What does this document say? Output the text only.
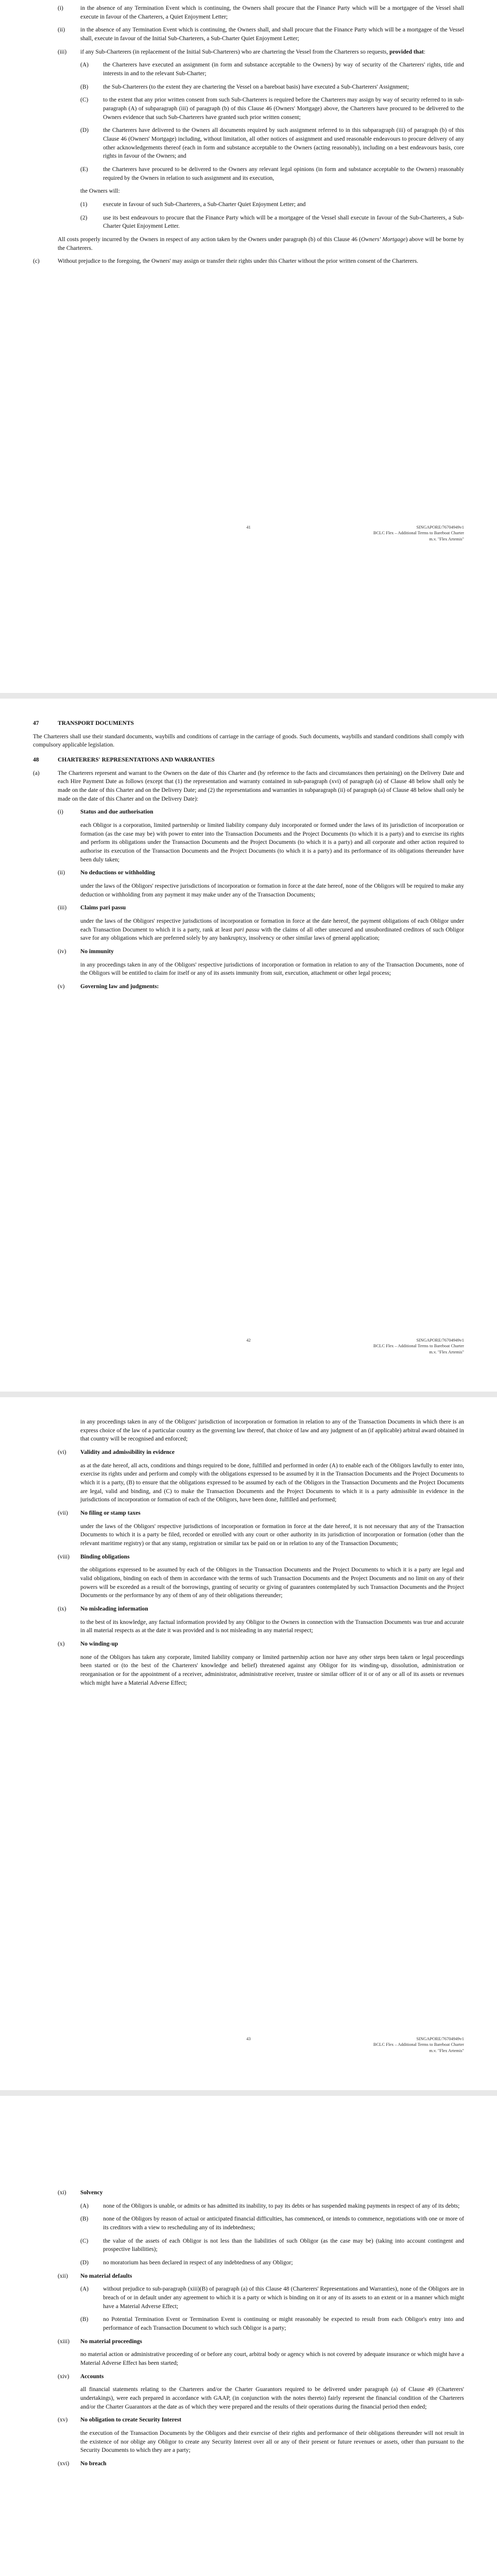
(i)	in the absence of any Termination Event which is continuing, the Owners shall procure that the Finance Party which will be a mortgagee of the Vessel shall execute in favour of the Charterers, a Quiet Enjoyment Letter;
(ii)	in the absence of any Termination Event which is continuing, the Owners shall, and shall procure that the Finance Party which will be a mortgagee of the Vessel shall, execute in favour of the Initial Sub-Charterers, a Sub-Charter Quiet Enjoyment Letter;
(iii)	if any Sub-Charterers (in replacement of the Initial Sub-Charterers) who are chartering the Vessel from the Charterers so requests, provided that:
(A)	the Charterers have executed an assignment (in form and substance acceptable to the Owners) by way of security of the Charterers' rights, title and interests in and to the relevant Sub-Charter;
(B)	the Sub-Charterers (to the extent they are chartering the Vessel on a bareboat basis) have executed a Sub-Charterers' Assignment;
(C)	to the extent that any prior written consent from such Sub-Charterers is required before the Charterers may assign by way of security referred to in sub-paragraph (A) of subparagraph (iii) of paragraph (b) of this Clause 46 (Owners' Mortgage) above, the Charterers have procured to be delivered to the Owners evidence that such Sub-Charterers have granted such prior written consent;
(D)	the Charterers have delivered to the Owners all documents required by such assignment referred to in this subparagraph (iii) of paragraph (b) of this Clause 46 (Owners' Mortgage) including, without limitation, all other notices of assignment and used reasonable endeavours to procure delivery of any other acknowledgements thereof (each in form and substance acceptable to the Owners (acting reasonably), including on a best endeavours basis, core rights in favour of the Owners; and
(E)	the Charterers have procured to be delivered to the Owners any relevant legal opinions (in form and substance acceptable to the Owners) reasonably required by the Owners in relation to such assignment and its execution,

the Owners will:

(1)	execute in favour of such Sub-Charterers, a Sub-Charter Quiet Enjoyment Letter; and
(2)	use its best endeavours to procure that the Finance Party which will be a mortgagee of the Vessel shall execute in favour of the Sub-Charterers, a Sub-Charter Quiet Enjoyment Letter.

All costs properly incurred by the Owners in respect of any action taken by the Owners under paragraph (b) of this Clause 46 (Owners' Mortgage) above will be borne by the Charterers.

(c)	Without prejudice to the foregoing, the Owners' may assign or transfer their rights under this Charter without the prior written consent of the Charterers.
41	SINGAPORE/76704949v1
BCLC Flex – Additional Terms to Bareboat Charter
m.v. "Flex Artemis"
47	TRANSPORT DOCUMENTS

The Charterers shall use their standard documents, waybills and conditions of carriage in the carriage of goods. Such documents, waybills and standard conditions shall comply with compulsory applicable legislation.

48	CHARTERERS' REPRESENTATIONS AND WARRANTIES
(a)	The Charterers represent and warrant to the Owners on the date of this Charter and (by reference to the facts and circumstances then pertaining) on the Delivery Date and each Hire Payment Date as follows (except that (1) the representation and warranty contained in sub-paragraph (xvi) of paragraph (a) of Clause 48 below shall only be made on the date of this Charter and on the Delivery Date; and (2) the representations and warranties in subparagraph (ii) of paragraph (a) of Clause 48 below shall only be made on the date of this Charter and on the Delivery Date):
(i)	Status and due authorisation

each Obligor is a corporation, limited partnership or limited liability company duly incorporated or formed under the laws of its jurisdiction of incorporation or formation (as the case may be) with power to enter into the Transaction Documents and the Project Documents (to which it is a party) and to exercise its rights and perform its obligations under the Transaction Documents and the Project Documents (to which it is a party) and all corporate and other action required to authorise its execution of the Transaction Documents and the Project Documents (to which it is a party) and its performance of its obligations thereunder have been duly taken;

(ii)	No deductions or withholding

under the laws of the Obligors' respective jurisdictions of incorporation or formation in force at the date hereof, none of the Obligors will be required to make any deduction or withholding from any payment it may make under any of the Transaction Documents;

(iii)	Claims pari passu

under the laws of the Obligors' respective jurisdictions of incorporation or formation in force at the date hereof, the payment obligations of each Obligor under each Transaction Document to which it is a party, rank at least pari passu with the claims of all other unsecured and unsubordinated creditors of such Obligor save for any obligations which are preferred solely by any bankruptcy, insolvency or other similar laws of general application;

(iv)	No immunity

in any proceedings taken in any of the Obligors' respective jurisdictions of incorporation or formation in relation to any of the Transaction Documents, none of the Obligors will be entitled to claim for itself or any of its assets immunity from suit, execution, attachment or other legal process;

(v)	Governing law and judgments:
42	SINGAPORE/76704949v1
BCLC Flex – Additional Terms to Bareboat Charter
m.v. "Flex Artemis"

in any proceedings taken in any of the Obligors' jurisdiction of incorporation or formation in relation to any of the Transaction Documents in which there is an express choice of the law of a particular country as the governing law thereof, that choice of law and any judgment of an (if applicable) arbitral award obtained in that country will be recognised and enforced;

(vi)	Validity and admissibility in evidence

as at the date hereof, all acts, conditions and things required to be done, fulfilled and performed in order (A) to enable each of the Obligors lawfully to enter into, exercise its rights under and perform and comply with the obligations expressed to be assumed by it in the Transaction Documents and the Project Documents to which it is a party, (B) to ensure that the obligations expressed to be assumed by each of the Obligors in the Transaction Documents and the Project Documents are legal, valid and binding, and (C) to make the Transaction Documents and the Project Documents to which it is a party admissible in evidence in the jurisdictions of incorporation or formation of each of the Obligors, have been done, fulfilled and performed;

(vii)	No filing or stamp taxes

under the laws of the Obligors' respective jurisdictions of incorporation or formation in force at the date hereof, it is not necessary that any of the Transaction Documents to which it is a party be filed, recorded or enrolled with any court or other authority in its jurisdiction of incorporation or formation (other than the relevant maritime registry) or that any stamp, registration or similar tax be paid on or in relation to any of the Transaction Documents;

(viii)	Binding obligations

the obligations expressed to be assumed by each of the Obligors in the Transaction Documents and the Project Documents to which it is a party are legal and valid obligations, binding on each of them in accordance with the terms of such Transaction Documents and the Project Documents and no limit on any of their powers will be exceeded as a result of the borrowings, granting of security or giving of guarantees contemplated by such Transaction Documents and the Project Documents or the performance by any of them of any of their obligations thereunder;

(ix)	No misleading information

to the best of its knowledge, any factual information provided by any Obligor to the Owners in connection with the Transaction Documents was true and accurate in all material respects as at the date it was provided and is not misleading in any material respect;

(x)	No winding-up

none of the Obligors has taken any corporate, limited liability company or limited partnership action nor have any other steps been taken or legal proceedings been started or (to the best of the Charterers' knowledge and belief) threatened against any Obligor for its winding-up, dissolution, administration or reorganisation or for the appointment of a receiver, administrator, administrative receiver, trustee or similar officer of it or of any or all of its assets or revenues which might have a Material Adverse Effect;

43	SINGAPORE/76704949v1
BCLC Flex – Additional Terms to Bareboat Charter
m.v. "Flex Artemis"
(xi)	Solvency
(A)	none of the Obligors is unable, or admits or has admitted its inability, to pay its debts or has suspended making payments in respect of any of its debts;
(B)	none of the Obligors by reason of actual or anticipated financial difficulties, has commenced, or intends to commence, negotiations with one or more of its creditors with a view to rescheduling any of its indebtedness;
(C)	the value of the assets of each Obligor is not less than the liabilities of such Obligor (as the case may be) (taking into account contingent and prospective liabilities);
(D)	no moratorium has been declared in respect of any indebtedness of any Obligor;
(xii)	No material defaults
(A)	without prejudice to sub-paragraph (xiii)(B) of paragraph (a) of this Clause 48 (Charterers' Representations and Warranties), none of the Obligors are in breach of or in default under any agreement to which it is a party or which is binding on it or any of its assets to an extent or in a manner which might have a Material Adverse Effect;
(B)	no Potential Termination Event or Termination Event is continuing or might reasonably be expected to result from each Obligor's entry into and performance of each Transaction Document to which such Obligor is a party;
(xiii)	No material proceedings

no material action or administrative proceeding of or before any court, arbitral body or agency which is not covered by adequate insurance or which might have a Material Adverse Effect has been started;

(xiv)	Accounts

all financial statements relating to the Charterers and/or the Charter Guarantors required to be delivered under paragraph (a) of Clause 49 (Charterers' undertakings), were each prepared in accordance with GAAP, (in conjunction with the notes thereto) fairly represent the financial condition of the Charterers and/or the Charter Guarantors at the date as of which they were prepared and the results of their operations during the financial period then ended;

(xv)	No obligation to create Security Interest

the execution of the Transaction Documents by the Obligors and their exercise of their rights and performance of their obligations thereunder will not result in the existence of nor oblige any Obligor to create any Security Interest over all or any of their present or future revenues or assets, other than pursuant to the Security Documents to which they are a party;

(xvi)	No breach
